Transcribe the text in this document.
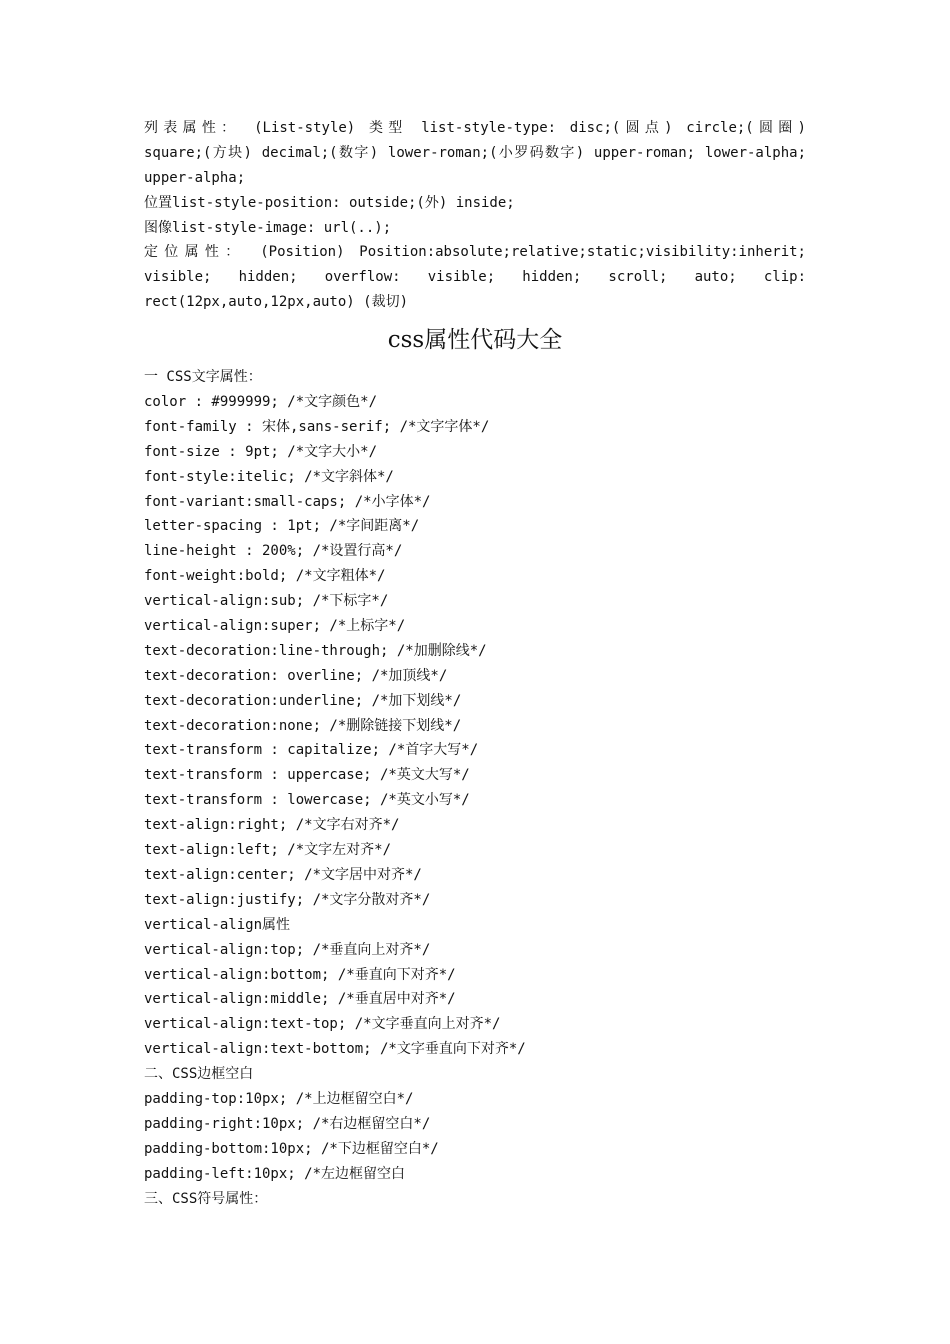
列表属性： (List-style) 类型 list-style-type: disc;(圆点) circle;(圆圈)
square;(方块) decimal;(数字) lower-roman;(小罗码数字) upper-roman; lower-alpha;
upper-alpha;
位置list-style-position: outside;(外) inside;
图像list-style-image: url(..);
定位属性： (Position) Position:absolute;relative;static;visibility:inherit;
visible; hidden; overflow: visible; hidden; scroll; auto; clip:
rect(12px,auto,12px,auto) (裁切)
css属性代码大全
一 CSS文字属性：
color : #999999; /*文字颜色*/
font-family : 宋体,sans-serif; /*文字字体*/
font-size : 9pt; /*文字大小*/
font-style:itelic; /*文字斜体*/
font-variant:small-caps; /*小字体*/
letter-spacing : 1pt; /*字间距离*/
line-height : 200%; /*设置行高*/
font-weight:bold; /*文字粗体*/
vertical-align:sub; /*下标字*/
vertical-align:super; /*上标字*/
text-decoration:line-through; /*加删除线*/
text-decoration: overline; /*加顶线*/
text-decoration:underline; /*加下划线*/
text-decoration:none; /*删除链接下划线*/
text-transform : capitalize; /*首字大写*/
text-transform : uppercase; /*英文大写*/
text-transform : lowercase; /*英文小写*/
text-align:right; /*文字右对齐*/
text-align:left; /*文字左对齐*/
text-align:center; /*文字居中对齐*/
text-align:justify; /*文字分散对齐*/
vertical-align属性
vertical-align:top; /*垂直向上对齐*/
vertical-align:bottom; /*垂直向下对齐*/
vertical-align:middle; /*垂直居中对齐*/
vertical-align:text-top; /*文字垂直向上对齐*/
vertical-align:text-bottom; /*文字垂直向下对齐*/
二、CSS边框空白
padding-top:10px; /*上边框留空白*/
padding-right:10px; /*右边框留空白*/
padding-bottom:10px; /*下边框留空白*/
padding-left:10px; /*左边框留空白
三、CSS符号属性：
